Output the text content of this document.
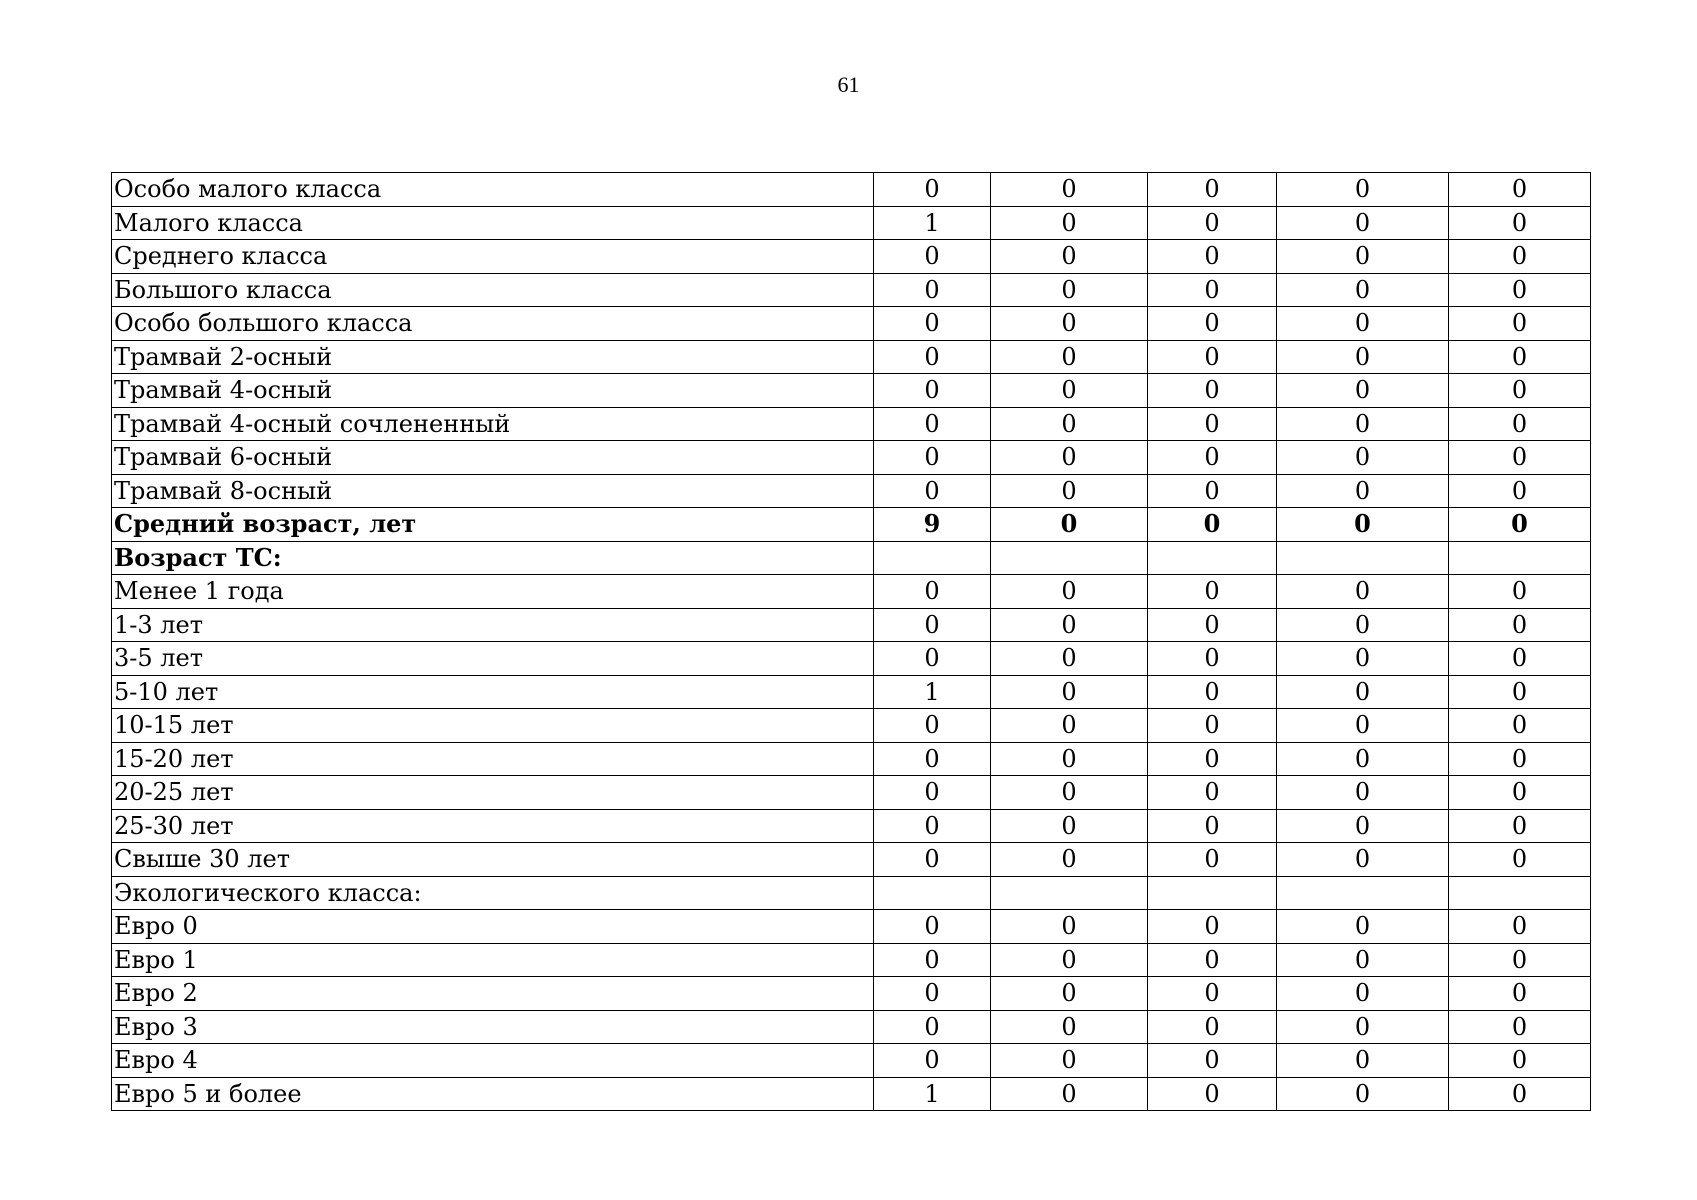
61
Особо малого класса	0	0	0	0	0
Малого класса	1	0	0	0	0
Среднего класса	0	0	0	0	0
Большого класса	0	0	0	0	0
Особо большого класса	0	0	0	0	0
Трамвай 2-осный	0	0	0	0	0
Трамвай 4-осный	0	0	0	0	0
Трамвай 4-осный сочлененный	0	0	0	0	0
Трамвай 6-осный	0	0	0	0	0
Трамвай 8-осный	0	0	0	0	0
Средний возраст, лет	9	0	0	0	0
Возраст ТС:					
Менее 1 года	0	0	0	0	0
1-3 лет	0	0	0	0	0
3-5 лет	0	0	0	0	0
5-10 лет	1	0	0	0	0
10-15 лет	0	0	0	0	0
15-20 лет	0	0	0	0	0
20-25 лет	0	0	0	0	0
25-30 лет	0	0	0	0	0
Свыше 30 лет	0	0	0	0	0
Экологического класса:					
Евро 0	0	0	0	0	0
Евро 1	0	0	0	0	0
Евро 2	0	0	0	0	0
Евро 3	0	0	0	0	0
Евро 4	0	0	0	0	0
Евро 5 и более	1	0	0	0	0
